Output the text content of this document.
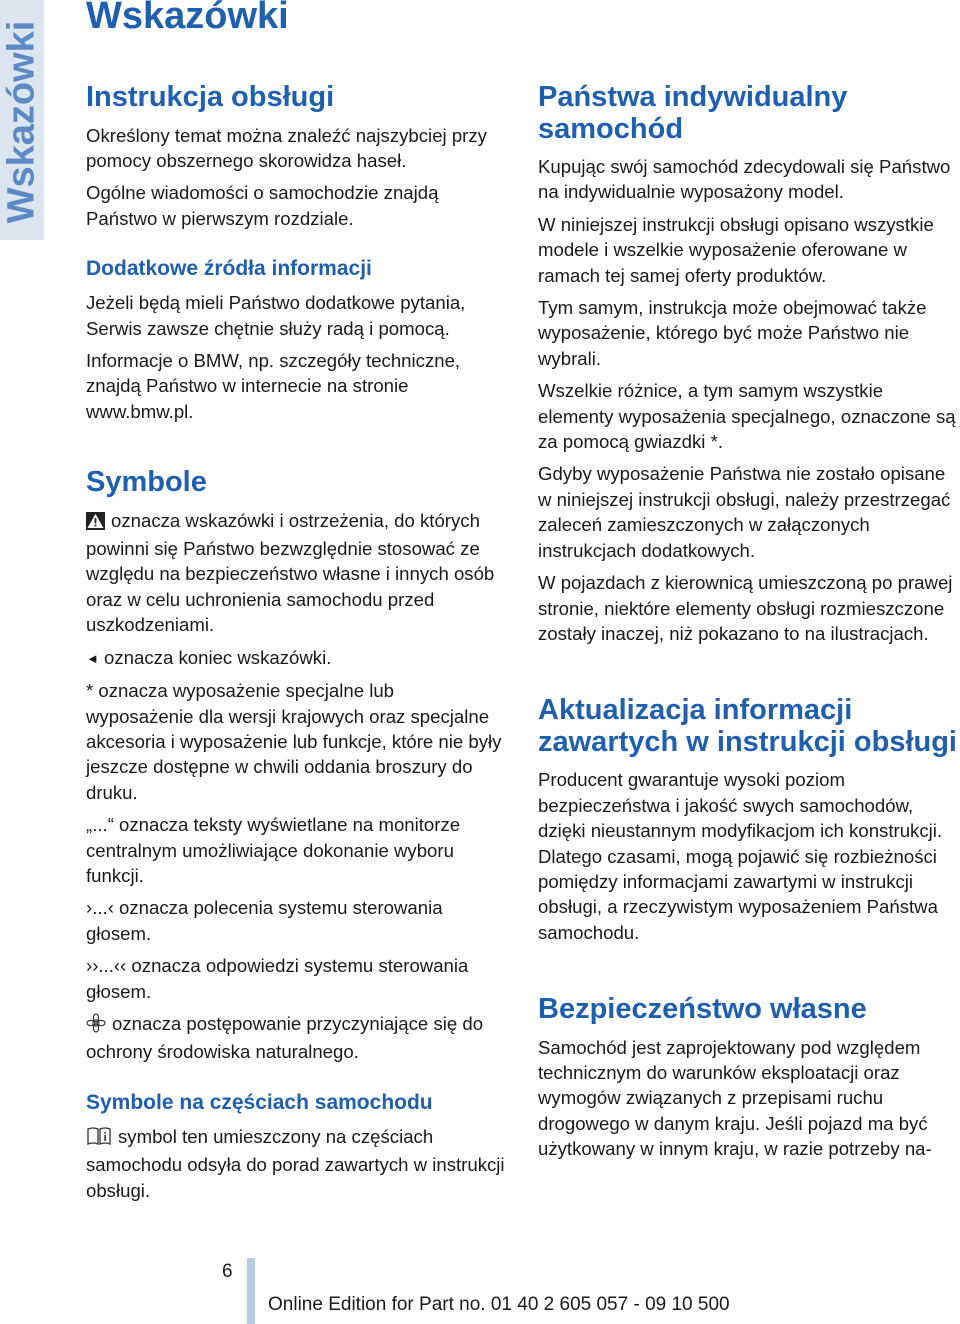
Wskazówki
Wskazówki
Instrukcja obsługi

Określony temat można znaleźć najszybciej przy pomocy obszernego skorowidza haseł.

Ogólne wiadomości o samochodzie znajdą Państwo w pierwszym rozdziale.

Dodatkowe źródła informacji

Jeżeli będą mieli Państwo dodatkowe pytania, Serwis zawsze chętnie służy radą i pomocą.

Informacje o BMW, np. szczegóły techniczne, znajdą Państwo w internecie na stronie www.bmw.pl.

Symbole

oznacza wskazówki i ostrzeżenia, do których powinni się Państwo bezwzględnie stosować ze względu na bezpieczeństwo własne i innych osób oraz w celu uchronienia samochodu przed uszkodzeniami.

◄ oznacza koniec wskazówki.

* oznacza wyposażenie specjalne lub wyposażenie dla wersji krajowych oraz specjalne akcesoria i wyposażenie lub funkcje, które nie były jeszcze dostępne w chwili oddania broszury do druku.

„...“ oznacza teksty wyświetlane na monitorze centralnym umożliwiające dokonanie wyboru funkcji.

›...‹ oznacza polecenia systemu sterowania głosem.

››...‹‹ oznacza odpowiedzi systemu sterowania głosem.

oznacza postępowanie przyczyniające się do ochrony środowiska naturalnego.

Symbole na częściach samochodu

symbol ten umieszczony na częściach samochodu odsyła do porad zawartych w instrukcji obsługi.

Państwa indywidualny samochód

Kupując swój samochód zdecydowali się Państwo na indywidualnie wyposażony model.

W niniejszej instrukcji obsługi opisano wszystkie modele i wszelkie wyposażenie oferowane w ramach tej samej oferty produktów.

Tym samym, instrukcja może obejmować także wyposażenie, którego być może Państwo nie wybrali.

Wszelkie różnice, a tym samym wszystkie elementy wyposażenia specjalnego, oznaczone są za pomocą gwiazdki *.

Gdyby wyposażenie Państwa nie zostało opisane w niniejszej instrukcji obsługi, należy przestrzegać zaleceń zamieszczonych w załączonych instrukcjach dodatkowych.

W pojazdach z kierownicą umieszczoną po prawej stronie, niektóre elementy obsługi rozmieszczone zostały inaczej, niż pokazano to na ilustracjach.

Aktualizacja informacji zawartych w instrukcji obsługi

Producent gwarantuje wysoki poziom bezpieczeństwa i jakość swych samochodów, dzięki nieustannym modyfikacjom ich konstrukcji. Dlatego czasami, mogą pojawić się rozbieżności pomiędzy informacjami zawartymi w instrukcji obsługi, a rzeczywistym wyposażeniem Państwa samochodu.

Bezpieczeństwo własne

Samochód jest zaprojektowany pod względem technicznym do warunków eksploatacji oraz wymogów związanych z przepisami ruchu drogowego w danym kraju. Jeśli pojazd ma być użytkowany w innym kraju, w razie potrzeby na-

6
Online Edition for Part no. 01 40 2 605 057 - 09 10 500
